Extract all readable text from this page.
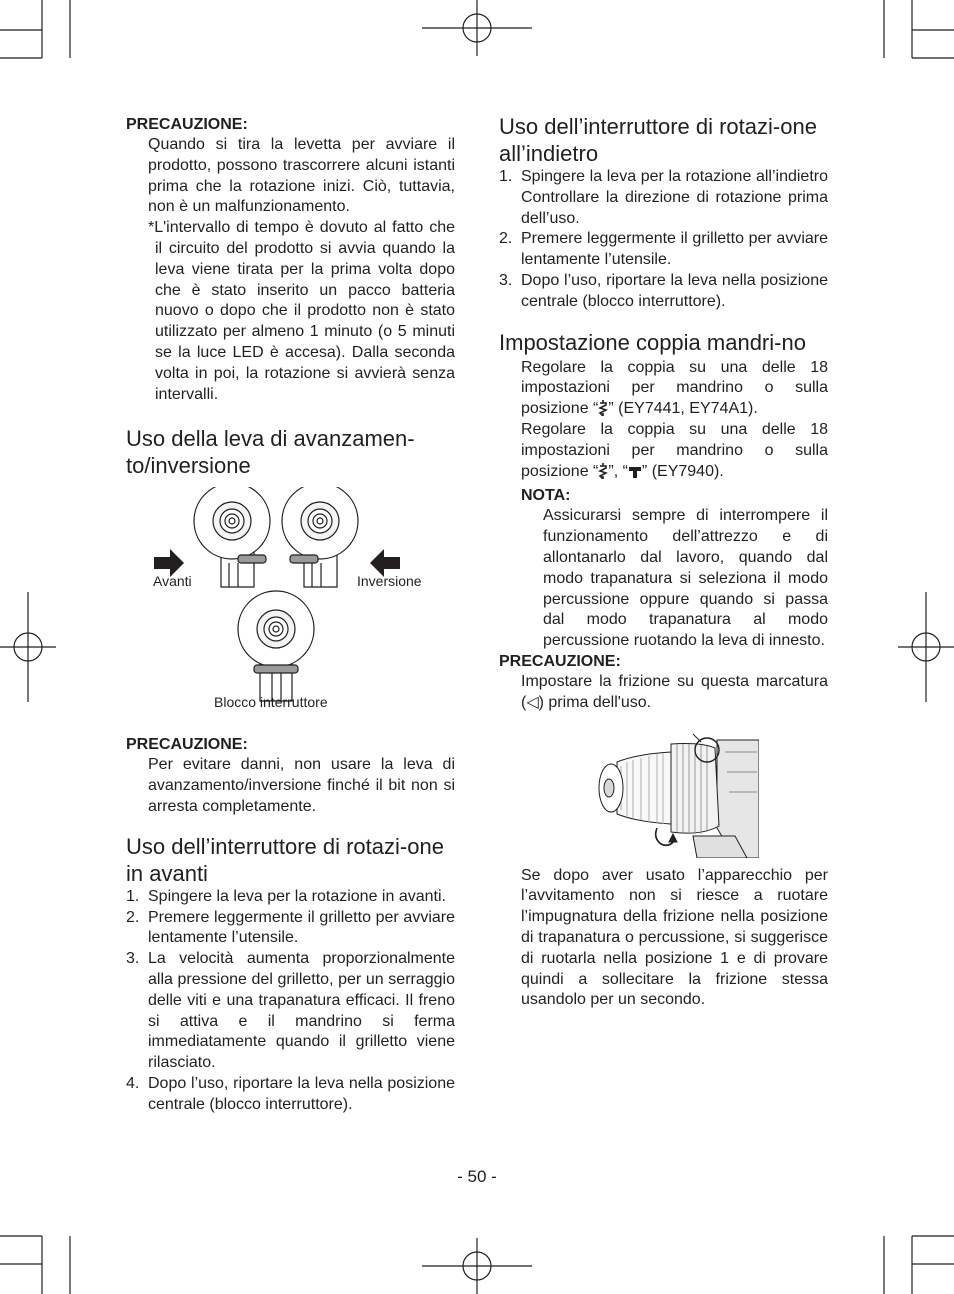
PRECAUZIONE:

Quando si tira la levetta per avviare il prodotto, possono trascorrere alcuni istanti prima che la rotazione inizi. Ciò, tuttavia, non è un malfunzionamento.

*L'intervallo di tempo è dovuto al fatto che il circuito del prodotto si avvia quando la leva viene tirata per la prima volta dopo che è stato inserito un pacco batteria nuovo o dopo che il prodotto non è stato utilizzato per almeno 1 minuto (o 5 minuti se la luce LED è accesa). Dalla seconda volta in poi, la rotazione si avvierà senza intervalli.

Uso della leva di avanzamen-to/inversione
Avanti	Inversione
Blocco interruttore

PRECAUZIONE:

Per evitare danni, non usare la leva di avanzamento/inversione finché il bit non si arresta completamente.

Uso dell’interruttore di rotazi-one in avanti
1. Spingere la leva per la rotazione in avanti.
2. Premere leggermente il grilletto per avviare lentamente l’utensile.
3. La velocità aumenta proporzionalmente alla pressione del grilletto, per un serraggio delle viti e una trapanatura efficaci. Il freno si attiva e il mandrino si ferma immediatamente quando il grilletto viene rilasciato.
4. Dopo l’uso, riportare la leva nella posizione centrale (blocco interruttore).
Uso dell’interruttore di rotazi-one all’indietro
1. Spingere la leva per la rotazione all’indietro Controllare la direzione di rotazione prima dell’uso.
2. Premere leggermente il grilletto per avviare lentamente l’utensile.
3. Dopo l’uso, riportare la leva nella posizione centrale (blocco interruttore).
Impostazione coppia mandri-no

Regolare la coppia su una delle 18 impostazioni per mandrino o sulla posizione “ ” (EY7441, EY74A1).

Regolare la coppia su una delle 18 impostazioni per mandrino o sulla posizione “ ”, “ ” (EY7940).

NOTA:

Assicurarsi sempre di interrompere il funzionamento dell’attrezzo e di allontanarlo dal lavoro, quando dal modo trapanatura si seleziona il modo percussione oppure quando si passa dal modo trapanatura al modo percussione ruotando la leva di innesto.

PRECAUZIONE:

Impostare la frizione su questa marcatura (◁) prima dell'uso.

Se dopo aver usato l’apparecchio per l’avvitamento non si riesce a ruotare l’impugnatura della frizione nella posizione di trapanatura o percussione, si suggerisce di ruotarla nella posizione 1 e di provare quindi a sollecitare la frizione stessa usandolo per un secondo.

- 50 -
